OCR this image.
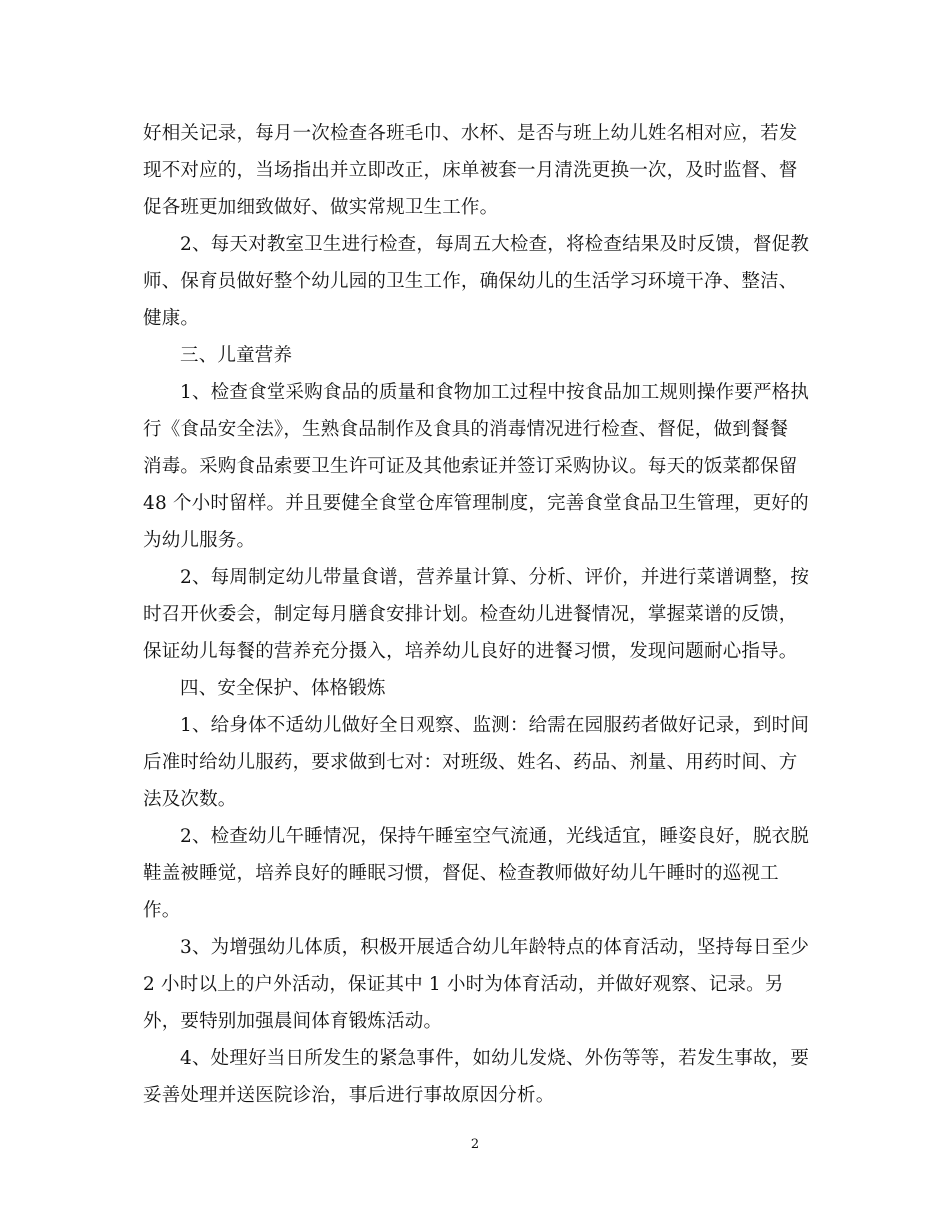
好相关记录，每月一次检查各班毛巾、水杯、是否与班上幼儿姓名相对应，若发
现不对应的，当场指出并立即改正，床单被套一月清洗更换一次，及时监督、督
促各班更加细致做好、做实常规卫生工作。
2、每天对教室卫生进行检查，每周五大检查，将检查结果及时反馈，督促教
师、保育员做好整个幼儿园的卫生工作，确保幼儿的生活学习环境干净、整洁、
健康。
三、儿童营养
1、检查食堂采购食品的质量和食物加工过程中按食品加工规则操作要严格执
行《食品安全法》，生熟食品制作及食具的消毒情况进行检查、督促，做到餐餐
消毒。采购食品索要卫生许可证及其他索证并签订采购协议。每天的饭菜都保留
48 个小时留样。并且要健全食堂仓库管理制度，完善食堂食品卫生管理，更好的
为幼儿服务。
2、每周制定幼儿带量食谱，营养量计算、分析、评价，并进行菜谱调整，按
时召开伙委会，制定每月膳食安排计划。检查幼儿进餐情况，掌握菜谱的反馈，
保证幼儿每餐的营养充分摄入，培养幼儿良好的进餐习惯，发现问题耐心指导。
四、安全保护、体格锻炼
1、给身体不适幼儿做好全日观察、监测：给需在园服药者做好记录，到时间
后准时给幼儿服药，要求做到七对：对班级、姓名、药品、剂量、用药时间、方
法及次数。
2、检查幼儿午睡情况，保持午睡室空气流通，光线适宜，睡姿良好，脱衣脱
鞋盖被睡觉，培养良好的睡眠习惯，督促、检查教师做好幼儿午睡时的巡视工
作。
3、为增强幼儿体质，积极开展适合幼儿年龄特点的体育活动，坚持每日至少
2 小时以上的户外活动，保证其中 1 小时为体育活动，并做好观察、记录。另
外，要特别加强晨间体育锻炼活动。
4、处理好当日所发生的紧急事件，如幼儿发烧、外伤等等，若发生事故，要
妥善处理并送医院诊治，事后进行事故原因分析。
2
